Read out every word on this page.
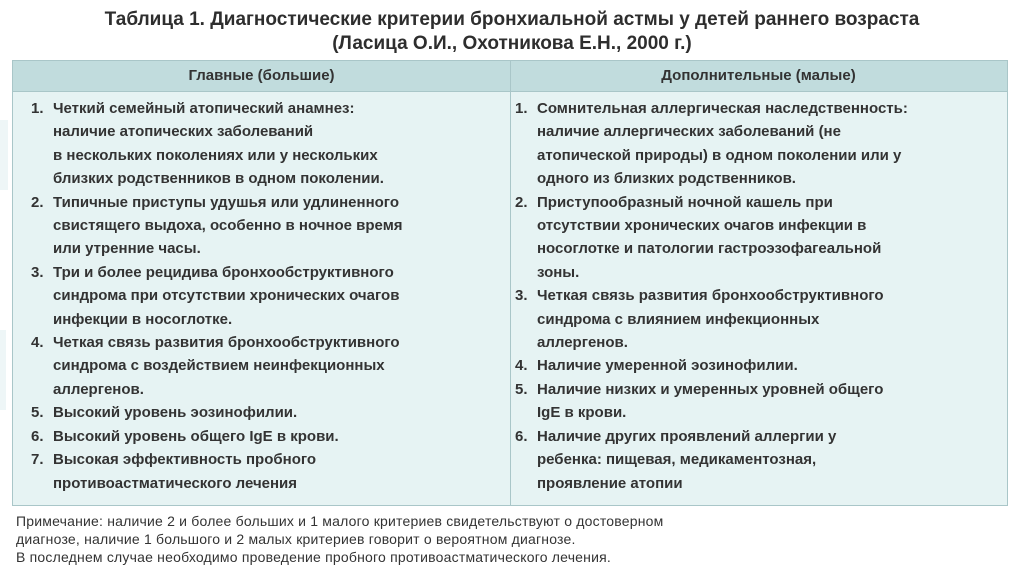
Таблица 1. Диагностические критерии бронхиальной астмы у детей раннего возраста
(Ласица О.И., Охотникова Е.Н., 2000 г.)
Главные (большие)	Дополнительные (малые)
1. Четкий семейный атопический анамнез:
наличие атопических заболеваний
в нескольких поколениях или у нескольких
близких родственников в одном поколении.
2. Типичные приступы удушья или удлиненного
свистящего выдоха, особенно в ночное время
или утренние часы.
3. Три и более рецидива бронхообструктивного
синдрома при отсутствии хронических очагов
инфекции в носоглотке.
4. Четкая связь развития бронхообструктивного
синдрома с воздействием неинфекционных
аллергенов.
5. Высокий уровень эозинофилии.
6. Высокий уровень общего IgE в крови.
7. Высокая эффективность пробного
противоастматического лечения
1. Сомнительная аллергическая наследственность:
наличие аллергических заболеваний (не
атопической природы) в одном поколении или у
одного из близких родственников.
2. Приступообразный ночной кашель при
отсутствии хронических очагов инфекции в
носоглотке и патологии гастроэзофагеальной
зоны.
3. Четкая связь развития бронхообструктивного
синдрома с влиянием инфекционных
аллергенов.
4. Наличие умеренной эозинофилии.
5. Наличие низких и умеренных уровней общего
IgE в крови.
6. Наличие других проявлений аллергии у
ребенка: пищевая, медикаментозная,
проявление атопии
Примечание: наличие 2 и более больших и 1 малого критериев свидетельствуют о достоверном
диагнозе, наличие 1 большого и 2 малых критериев говорит о вероятном диагнозе.
В последнем случае необходимо проведение пробного противоастматического лечения.
